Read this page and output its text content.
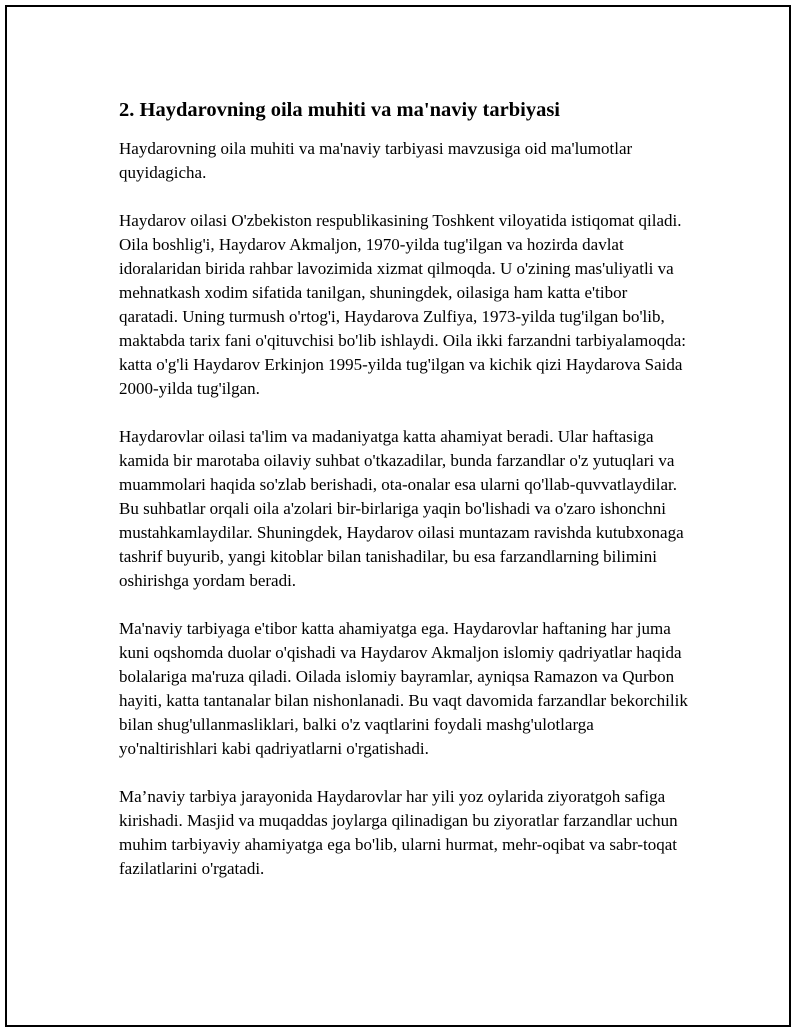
2. Haydarovning oila muhiti va ma'naviy tarbiyasi

Haydarovning oila muhiti va ma'naviy tarbiyasi mavzusiga oid ma'lumotlar quyidagicha.

Haydarov oilasi O'zbekiston respublikasining Toshkent viloyatida istiqomat qiladi. Oila boshlig'i, Haydarov Akmaljon, 1970-yilda tug'ilgan va hozirda davlat idoralaridan birida rahbar lavozimida xizmat qilmoqda. U o'zining mas'uliyatli va mehnatkash xodim sifatida tanilgan, shuningdek, oilasiga ham katta e'tibor qaratadi. Uning turmush o'rtog'i, Haydarova Zulfiya, 1973-yilda tug'ilgan bo'lib, maktabda tarix fani o'qituvchisi bo'lib ishlaydi. Oila ikki farzandni tarbiyalamoqda: katta o'g'li Haydarov Erkinjon 1995-yilda tug'ilgan va kichik qizi Haydarova Saida 2000-yilda tug'ilgan.

Haydarovlar oilasi ta'lim va madaniyatga katta ahamiyat beradi. Ular haftasiga kamida bir marotaba oilaviy suhbat o'tkazadilar, bunda farzandlar o'z yutuqlari va muammolari haqida so'zlab berishadi, ota-onalar esa ularni qo'llab-quvvatlaydilar. Bu suhbatlar orqali oila a'zolari bir-birlariga yaqin bo'lishadi va o'zaro ishonchni mustahkamlaydilar. Shuningdek, Haydarov oilasi muntazam ravishda kutubxonaga tashrif buyurib, yangi kitoblar bilan tanishadilar, bu esa farzandlarning bilimini oshirishga yordam beradi.

Ma'naviy tarbiyaga e'tibor katta ahamiyatga ega. Haydarovlar haftaning har juma kuni oqshomda duolar o'qishadi va Haydarov Akmaljon islomiy qadriyatlar haqida bolalariga ma'ruza qiladi. Oilada islomiy bayramlar, ayniqsa Ramazon va Qurbon hayiti, katta tantanalar bilan nishonlanadi. Bu vaqt davomida farzandlar bekorchilik bilan shug'ullanmasliklari, balki o'z vaqtlarini foydali mashg'ulotlarga yo'naltirishlari kabi qadriyatlarni o'rgatishadi.

Ma’naviy tarbiya jarayonida Haydarovlar har yili yoz oylarida ziyoratgoh safiga kirishadi. Masjid va muqaddas joylarga qilinadigan bu ziyoratlar farzandlar uchun muhim tarbiyaviy ahamiyatga ega bo'lib, ularni hurmat, mehr-oqibat va sabr-toqat fazilatlarini o'rgatadi.
